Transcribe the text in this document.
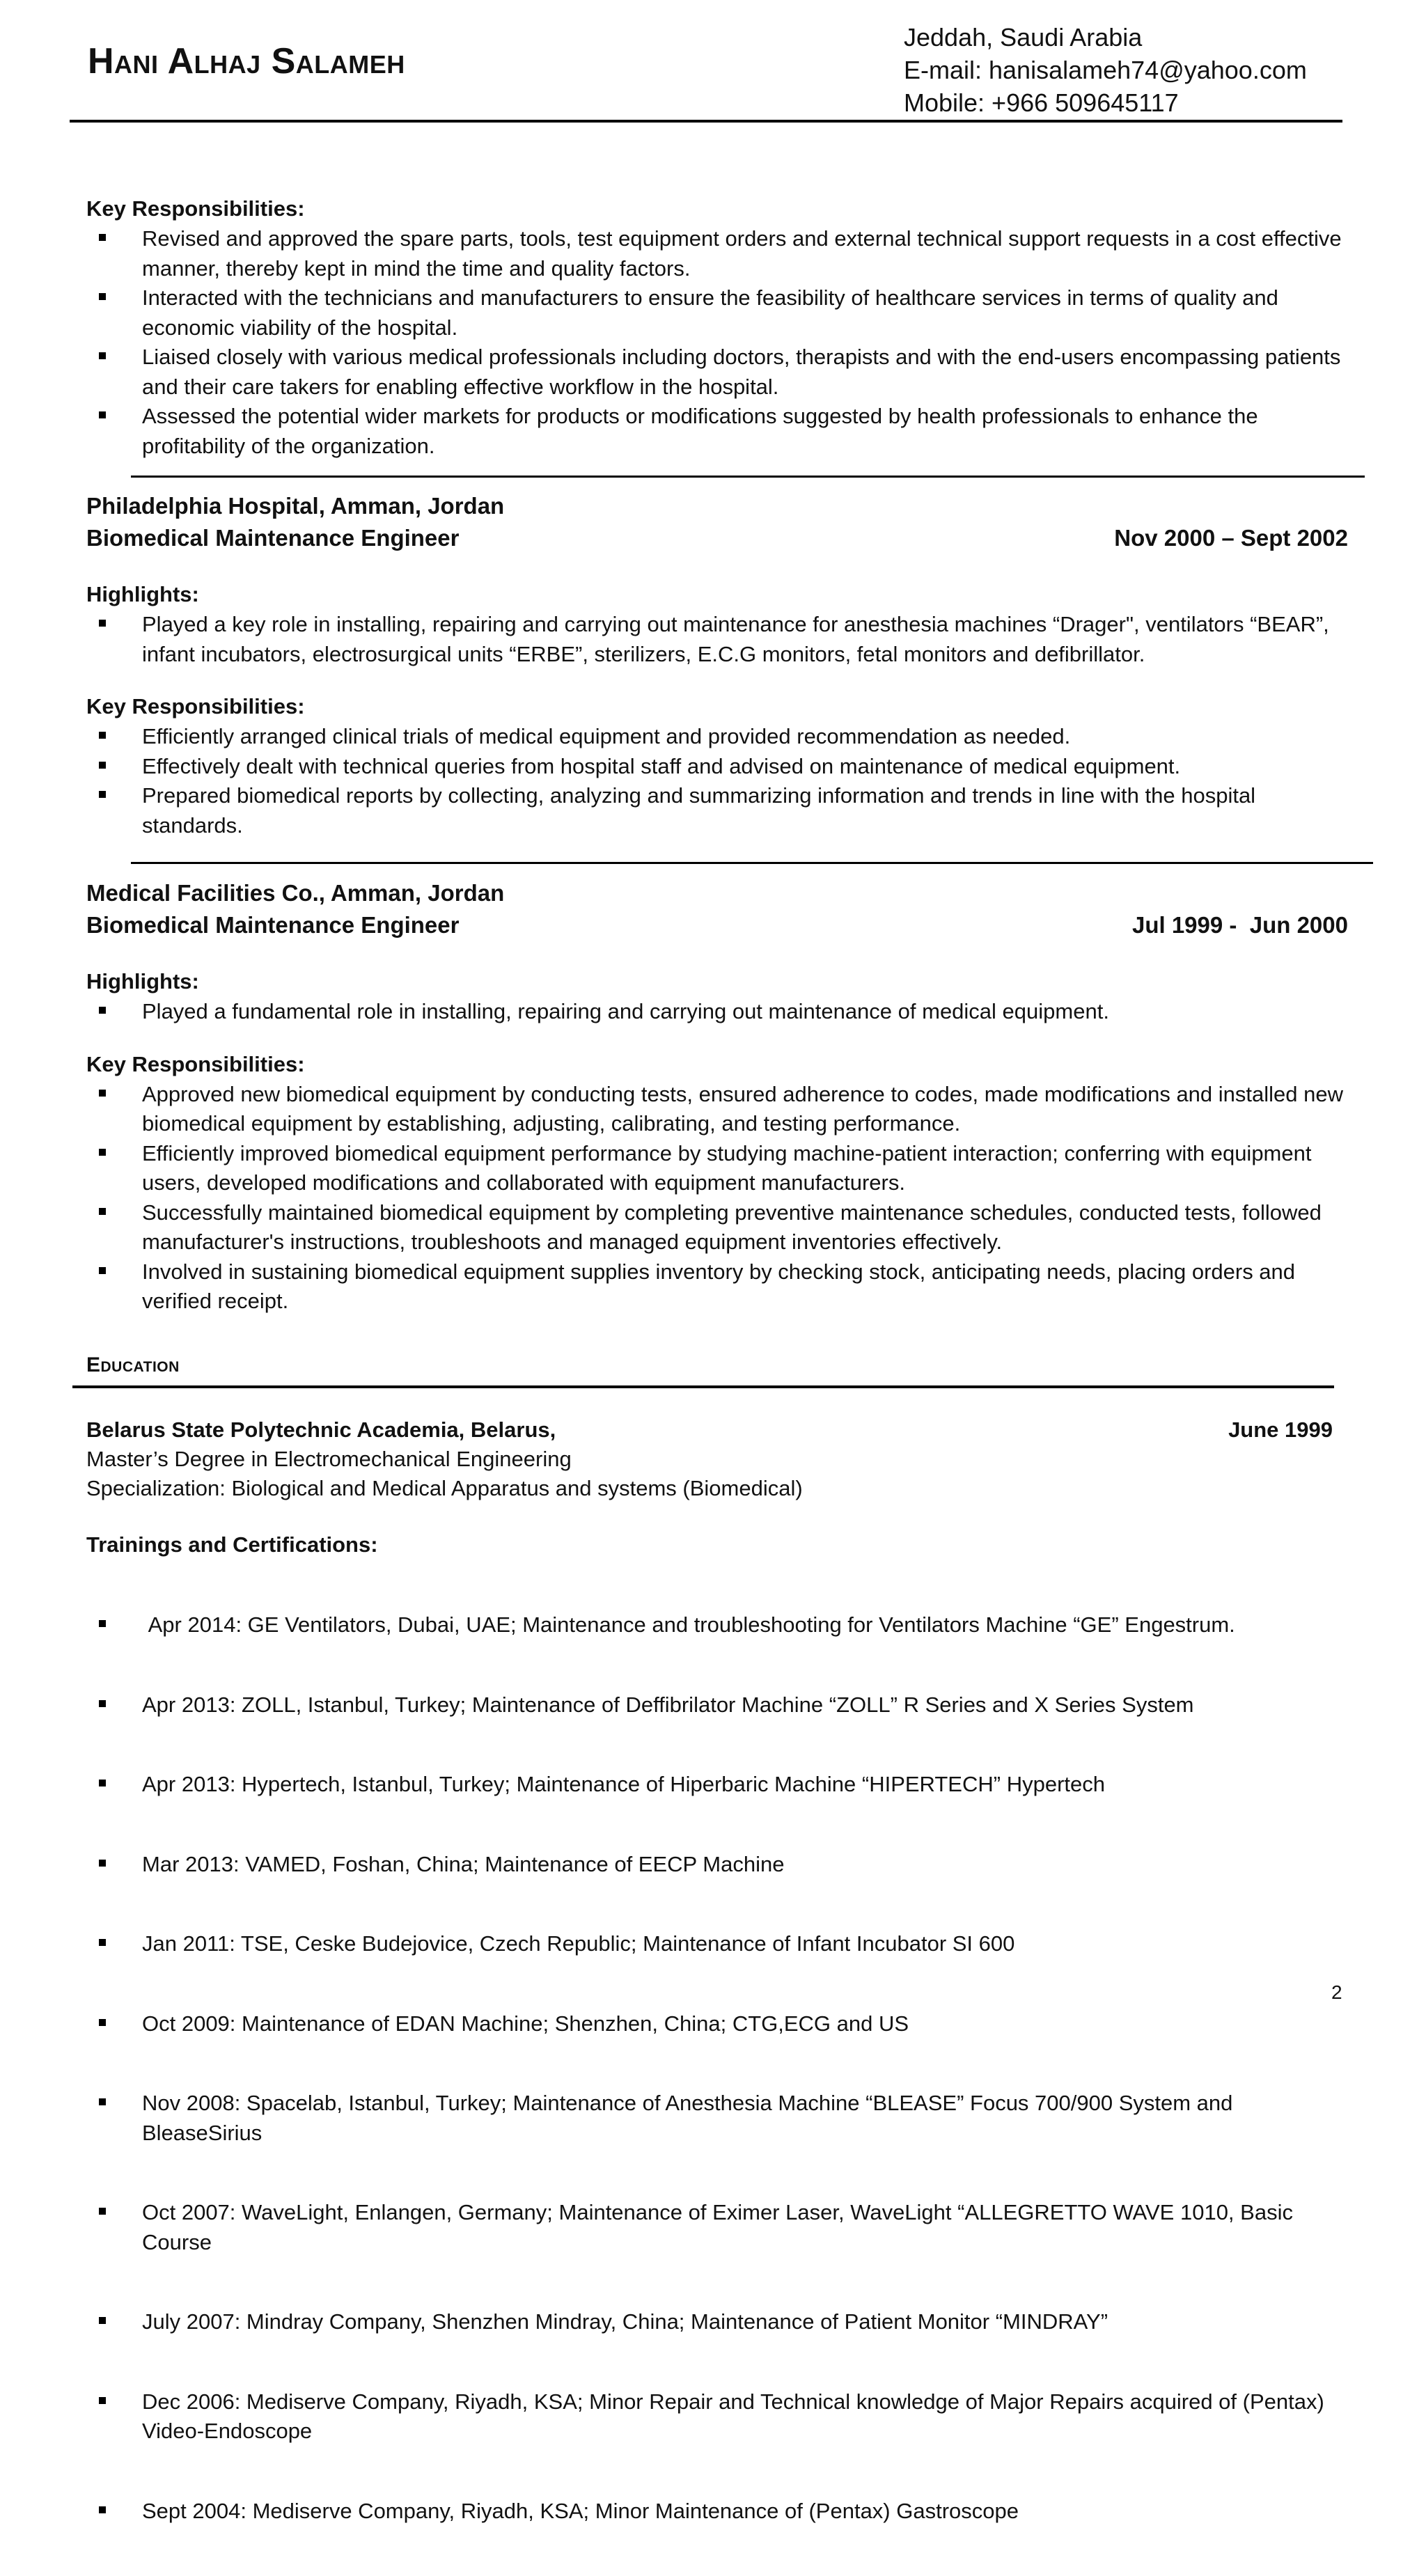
Hani Alhaj Salameh
Jeddah, Saudi Arabia
E-mail: hanisalameh74@yahoo.com
Mobile: +966 509645117

Key Responsibilities:

Revised and approved the spare parts, tools, test equipment orders and external technical support requests in a cost effective manner, thereby kept in mind the time and quality factors.
Interacted with the technicians and manufacturers to ensure the feasibility of healthcare services in terms of quality and economic viability of the hospital.
Liaised closely with various medical professionals including doctors, therapists and with the end-users encompassing patients and their care takers for enabling effective workflow in the hospital.
Assessed the potential wider markets for products or modifications suggested by health professionals to enhance the profitability of the organization.

Philadelphia Hospital, Amman, Jordan

Biomedical Maintenance Engineer	Nov 2000 – Sept 2002

Highlights:

Played a key role in installing, repairing and carrying out maintenance for anesthesia machines “Drager", ventilators “BEAR”, infant incubators, electrosurgical units “ERBE”, sterilizers, E.C.G monitors, fetal monitors and defibrillator.

Key Responsibilities:

Efficiently arranged clinical trials of medical equipment and provided recommendation as needed.
Effectively dealt with technical queries from hospital staff and advised on maintenance of medical equipment.
Prepared biomedical reports by collecting, analyzing and summarizing information and trends in line with the hospital standards.

Medical Facilities Co., Amman, Jordan

Biomedical Maintenance Engineer	Jul 1999 -  Jun 2000

Highlights:

Played a fundamental role in installing, repairing and carrying out maintenance of medical equipment.

Key Responsibilities:

Approved new biomedical equipment by conducting tests, ensured adherence to codes, made modifications and installed new biomedical equipment by establishing, adjusting, calibrating, and testing performance.
Efficiently improved biomedical equipment performance by studying machine-patient interaction; conferring with equipment users, developed modifications and collaborated with equipment manufacturers.
Successfully maintained biomedical equipment by completing preventive maintenance schedules, conducted tests, followed manufacturer's instructions, troubleshoots and managed equipment inventories effectively.
Involved in sustaining biomedical equipment supplies inventory by checking stock, anticipating needs, placing orders and verified receipt.
Education
Belarus State Polytechnic Academia, Belarus,	June 1999

Master’s Degree in Electromechanical Engineering

Specialization: Biological and Medical Apparatus and systems (Biomedical)

Trainings and Certifications:

Apr 2014: GE Ventilators, Dubai, UAE; Maintenance and troubleshooting for Ventilators Machine “GE” Engestrum.

Apr 2013: ZOLL, Istanbul, Turkey; Maintenance of Deffibrilator Machine “ZOLL” R Series and X Series System

Apr 2013: Hypertech, Istanbul, Turkey; Maintenance of Hiperbaric Machine “HIPERTECH” Hypertech

Mar 2013: VAMED, Foshan, China; Maintenance of EECP Machine

Jan 2011: TSE, Ceske Budejovice, Czech Republic; Maintenance of Infant Incubator SI 600

Oct 2009: Maintenance of EDAN Machine; Shenzhen, China; CTG,ECG and US

Nov 2008: Spacelab, Istanbul, Turkey; Maintenance of Anesthesia Machine “BLEASE” Focus 700/900 System and BleaseSirius

Oct 2007: WaveLight, Enlangen, Germany; Maintenance of Eximer Laser, WaveLight “ALLEGRETTO WAVE 1010, Basic Course

July 2007: Mindray Company, Shenzhen Mindray, China; Maintenance of Patient Monitor “MINDRAY”

Dec 2006: Mediserve Company, Riyadh, KSA; Minor Repair and Technical knowledge of Major Repairs acquired of (Pentax) Video-Endoscope

Sept 2004: Mediserve Company, Riyadh, KSA; Minor Maintenance of (Pentax) Gastroscope

2
